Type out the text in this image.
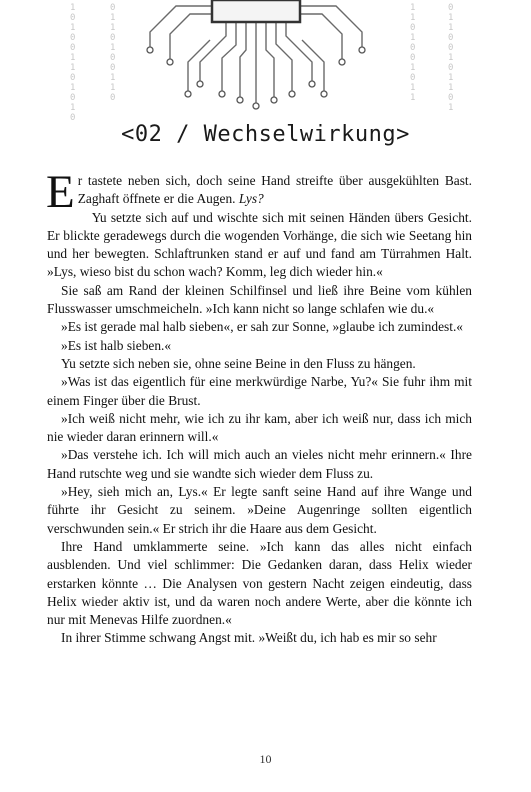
1 0 1 0 0 1 1 0 1 0 1 0
0 1 1 0 1 0 0 1 1 0
1 1 0 1 0 0 1 0 1 1
0 1 1 0 0 1 0 1 1 0 1
<02 / Wechselwirkung>

Er tastete neben sich, doch seine Hand streifte über ausgekühlten Bast. Zaghaft öffnete er die Augen. Lys?

Yu setzte sich auf und wischte sich mit seinen Händen übers Gesicht. Er blickte geradewegs durch die wogenden Vorhänge, die sich wie Seetang hin und her bewegten. Schlaftrunken stand er auf und fand am Türrahmen Halt. »Lys, wieso bist du schon wach? Komm, leg dich wieder hin.«

Sie saß am Rand der kleinen Schilfinsel und ließ ihre Beine vom kühlen Flusswasser umschmeicheln. »Ich kann nicht so lange schlafen wie du.«

»Es ist gerade mal halb sieben«, er sah zur Sonne, »glaube ich zumindest.«

»Es ist halb sieben.«

Yu setzte sich neben sie, ohne seine Beine in den Fluss zu hängen.

»Was ist das eigentlich für eine merkwürdige Narbe, Yu?« Sie fuhr ihm mit einem Finger über die Brust.

»Ich weiß nicht mehr, wie ich zu ihr kam, aber ich weiß nur, dass ich mich nie wieder daran erinnern will.«

»Das verstehe ich. Ich will mich auch an vieles nicht mehr erinnern.« Ihre Hand rutschte weg und sie wandte sich wieder dem Fluss zu.

»Hey, sieh mich an, Lys.« Er legte sanft seine Hand auf ihre Wange und führte ihr Gesicht zu seinem. »Deine Augenringe sollten eigentlich verschwunden sein.« Er strich ihr die Haare aus dem Gesicht.

Ihre Hand umklammerte seine. »Ich kann das alles nicht einfach ausblenden. Und viel schlimmer: Die Gedanken daran, dass Helix wieder erstarken könnte … Die Analysen von gestern Nacht zeigen eindeutig, dass Helix wieder aktiv ist, und da waren noch andere Werte, aber die könnte ich nur mit Menevas Hilfe zuordnen.«

In ihrer Stimme schwang Angst mit. »Weißt du, ich hab es mir so sehr

10
